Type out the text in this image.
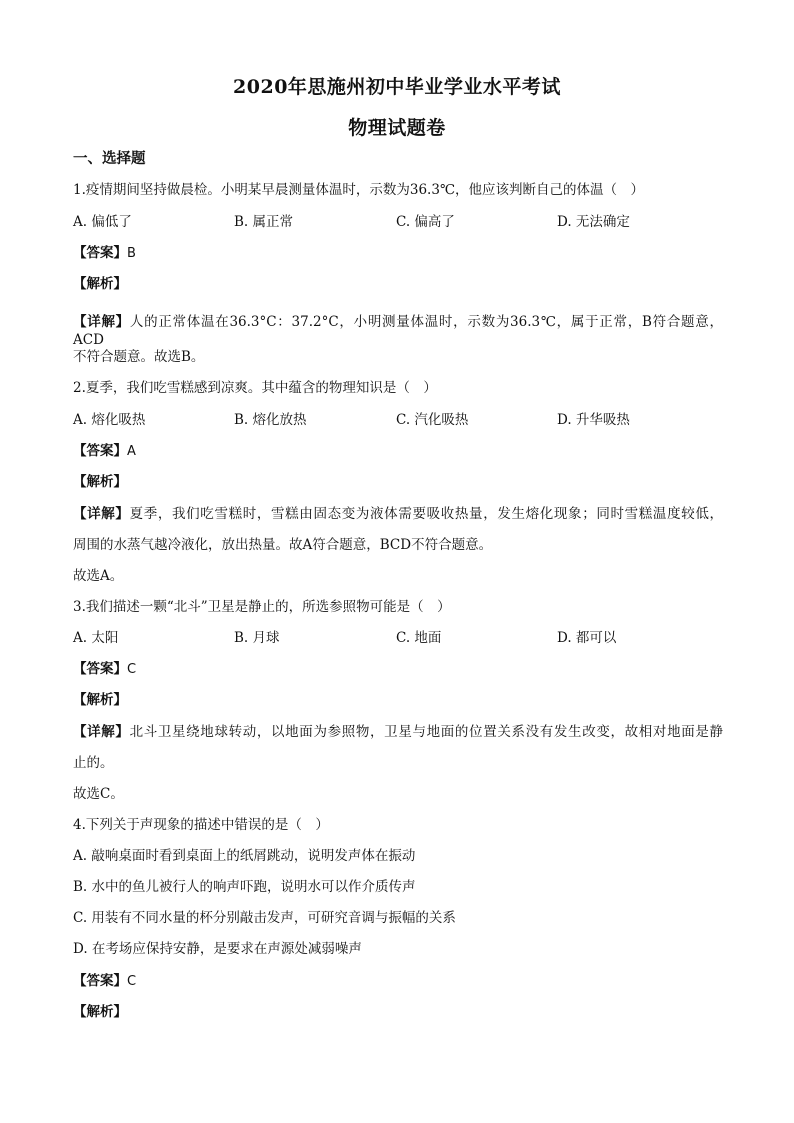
2020年思施州初中毕业学业水平考试
物理试题卷
一、选择题
1.疫情期间坚持做晨检。小明某早晨测量体温时，示数为36.3℃，他应该判断自己的体温（　）
A. 偏低了	B. 属正常	C. 偏高了	D. 无法确定
【答案】B
【解析】
【详解】人的正常体温在36.3°C：37.2°C，小明测量体温时，示数为36.3℃，属于正常，B符合题意，ACD
不符合题意。故选B。
2.夏季，我们吃雪糕感到凉爽。其中蕴含的物理知识是（　）
A. 熔化吸热	B. 熔化放热	C. 汽化吸热	D. 升华吸热
【答案】A
【解析】
【详解】夏季，我们吃雪糕时，雪糕由固态变为液体需要吸收热量，发生熔化现象；同时雪糕温度较低，
周围的水蒸气越冷液化，放出热量。故A符合题意，BCD不符合题意。
故选A。
3.我们描述一颗“北斗”卫星是静止的，所选参照物可能是（　）
A. 太阳	B. 月球	C. 地面	D. 都可以
【答案】C
【解析】
【详解】北斗卫星绕地球转动，以地面为参照物，卫星与地面的位置关系没有发生改变，故相对地面是静
止的。
故选C。
4.下列关于声现象的描述中错误的是（　）
A. 敲响桌面时看到桌面上的纸屑跳动，说明发声体在振动
B. 水中的鱼儿被行人的响声吓跑，说明水可以作介质传声
C. 用装有不同水量的杯分别敲击发声，可研究音调与振幅的关系
D. 在考场应保持安静，是要求在声源处减弱噪声
【答案】C
【解析】
